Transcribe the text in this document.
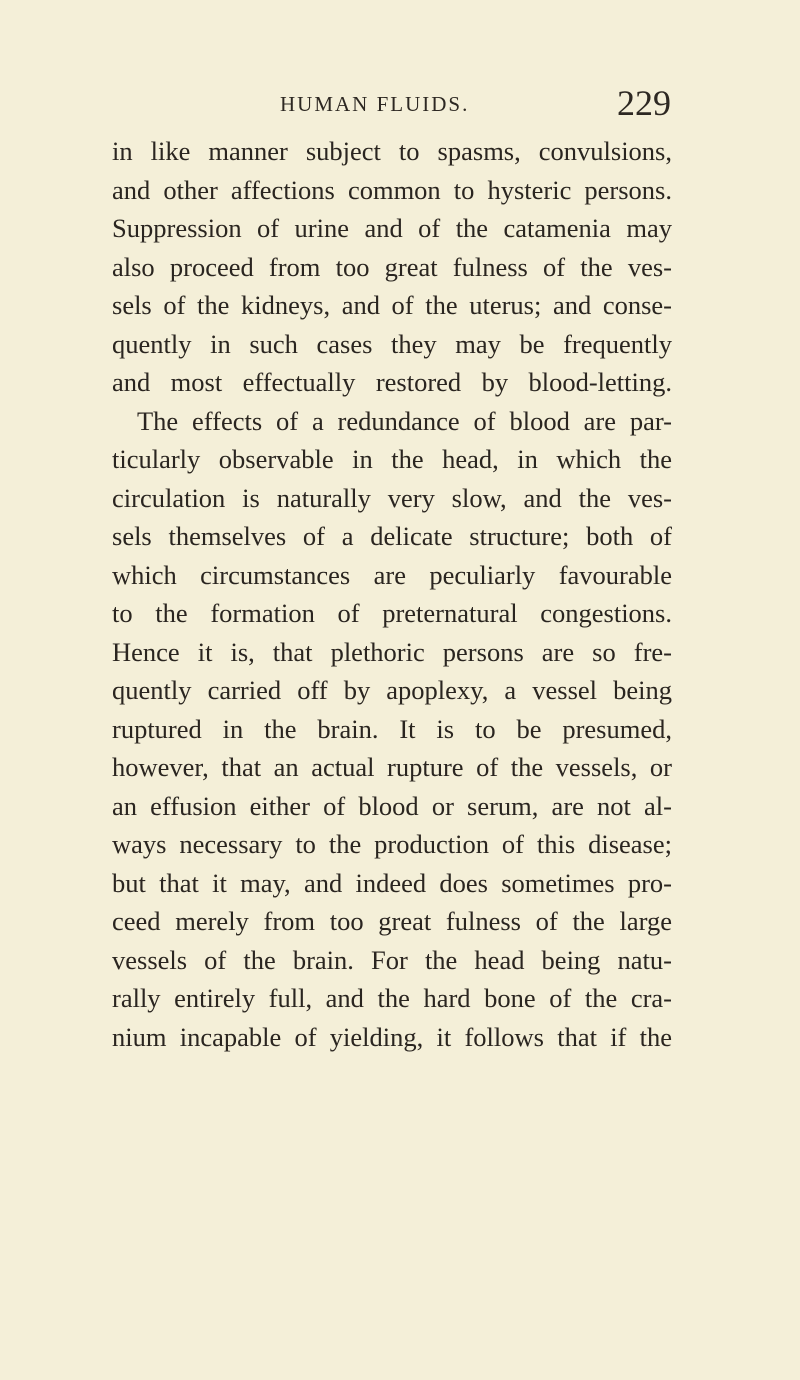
HUMAN FLUIDS.	229
in like manner subject to spasms, convulsions,
and other affections common to hysteric persons.
Suppression of urine and of the catamenia may
also proceed from too great fulness of the ves-
sels of the kidneys, and of the uterus; and conse-
quently in such cases they may be frequently
and most effectually restored by blood-letting.
The effects of a redundance of blood are par-
ticularly observable in the head, in which the
circulation is naturally very slow, and the ves-
sels themselves of a delicate structure; both of
which circumstances are peculiarly favourable
to the formation of preternatural congestions.
Hence it is, that plethoric persons are so fre-
quently carried off by apoplexy, a vessel being
ruptured in the brain. It is to be presumed,
however, that an actual rupture of the vessels, or
an effusion either of blood or serum, are not al-
ways necessary to the production of this disease;
but that it may, and indeed does sometimes pro-
ceed merely from too great fulness of the large
vessels of the brain. For the head being natu-
rally entirely full, and the hard bone of the cra-
nium incapable of yielding, it follows that if the
